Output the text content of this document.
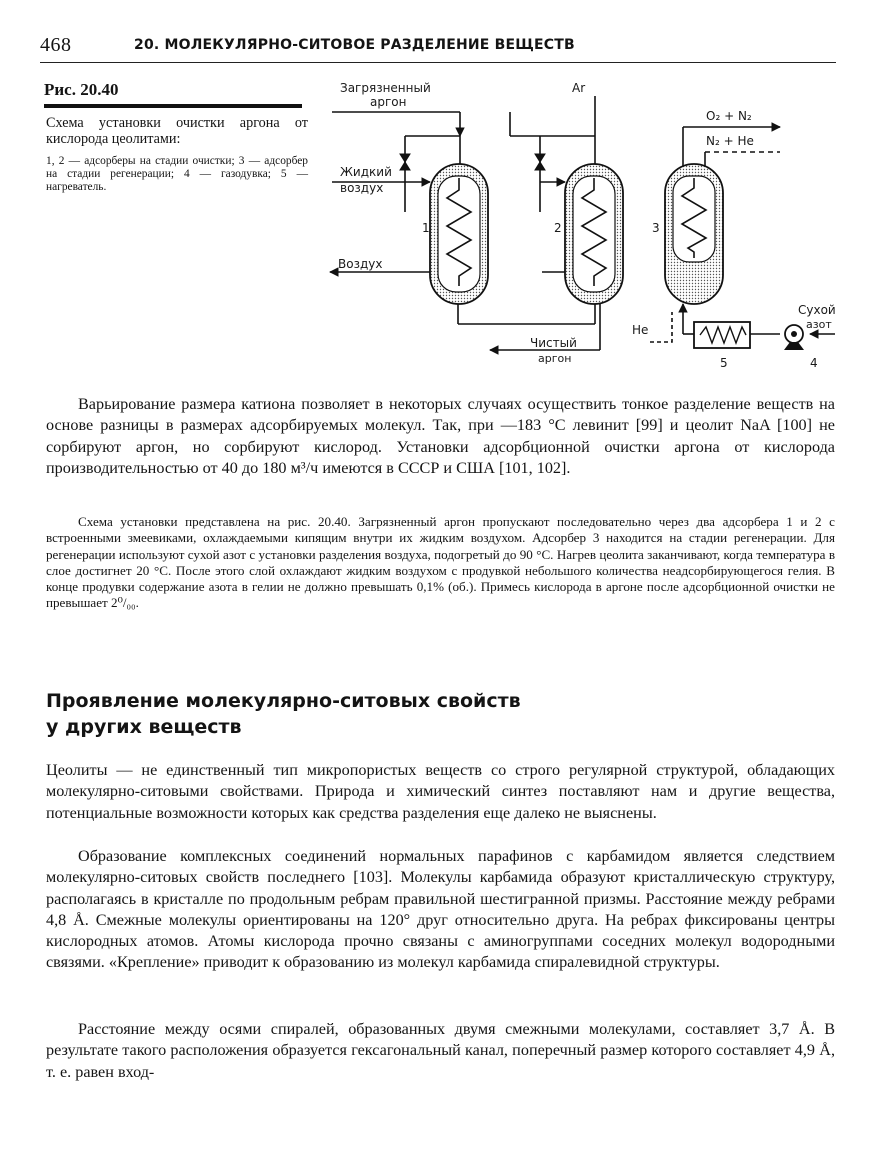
468	20. МОЛЕКУЛЯРНО-СИТОВОЕ РАЗДЕЛЕНИЕ ВЕЩЕСТВ
Рис. 20.40
Схема установки очистки аргона от кислорода цеолитами:
1, 2 — адсорберы на стадии очистки; 3 — адсорбер на стадии регенерации; 4 — газодувка; 5 — нагреватель.
Загрязненный
аргон
Ar
Жидкий
воздух
Воздух
Чистый
аргон
O₂ + N₂
N₂ + He
He
Сухой
азот
1	2	3
4
5
Варьирование размера катиона позволяет в некоторых случаях осуществить тонкое разделение веществ на основе разницы в размерах адсорбируемых молекул. Так, при —183 °С левинит [99] и цеолит NaA [100] не сорбируют аргон, но сорбируют кислород. Установки адсорбционной очистки аргона от кислорода производительностью от 40 до 180 м³/ч имеются в СССР и США [101, 102].
Схема установки представлена на рис. 20.40. Загрязненный аргон пропускают последовательно через два адсорбера 1 и 2 с встроенными змеевиками, охлаждаемыми кипящим внутри их жидким воздухом. Адсорбер 3 находится на стадии регенерации. Для регенерации используют сухой азот с установки разделения воздуха, подогретый до 90 °С. Нагрев цеолита заканчивают, когда температура в слое достигнет 20 °С. После этого слой охлаждают жидким воздухом с продувкой небольшого количества неадсорбирующегося гелия. В конце продувки содержание азота в гелии не должно превышать 0,1% (об.). Примесь кислорода в аргоне после адсорбционной очистки не превышает 2⁰/₀₀.
Проявление молекулярно-ситовых свойств
у других веществ
Цеолиты — не единственный тип микропористых веществ со строго регулярной структурой, обладающих молекулярно-ситовыми свойствами. Природа и химический синтез поставляют нам и другие вещества, потенциальные возможности которых как средства разделения еще далеко не выяснены.
Образование комплексных соединений нормальных парафинов с карбамидом является следствием молекулярно-ситовых свойств последнего [103]. Молекулы карбамида образуют кристаллическую структуру, располагаясь в кристалле по продольным ребрам правильной шестигранной призмы. Расстояние между ребрами 4,8 Å. Смежные молекулы ориентированы на 120° друг относительно друга. На ребрах фиксированы центры кислородных атомов. Атомы кислорода прочно связаны с аминогруппами соседних молекул водородными связями. «Крепление» приводит к образованию из молекул карбамида спиралевидной структуры.
Расстояние между осями спиралей, образованных двумя смежными молекулами, составляет 3,7 Å. В результате такого расположения образуется гексагональный канал, поперечный размер которого составляет 4,9 Å, т. е. равен вход-
